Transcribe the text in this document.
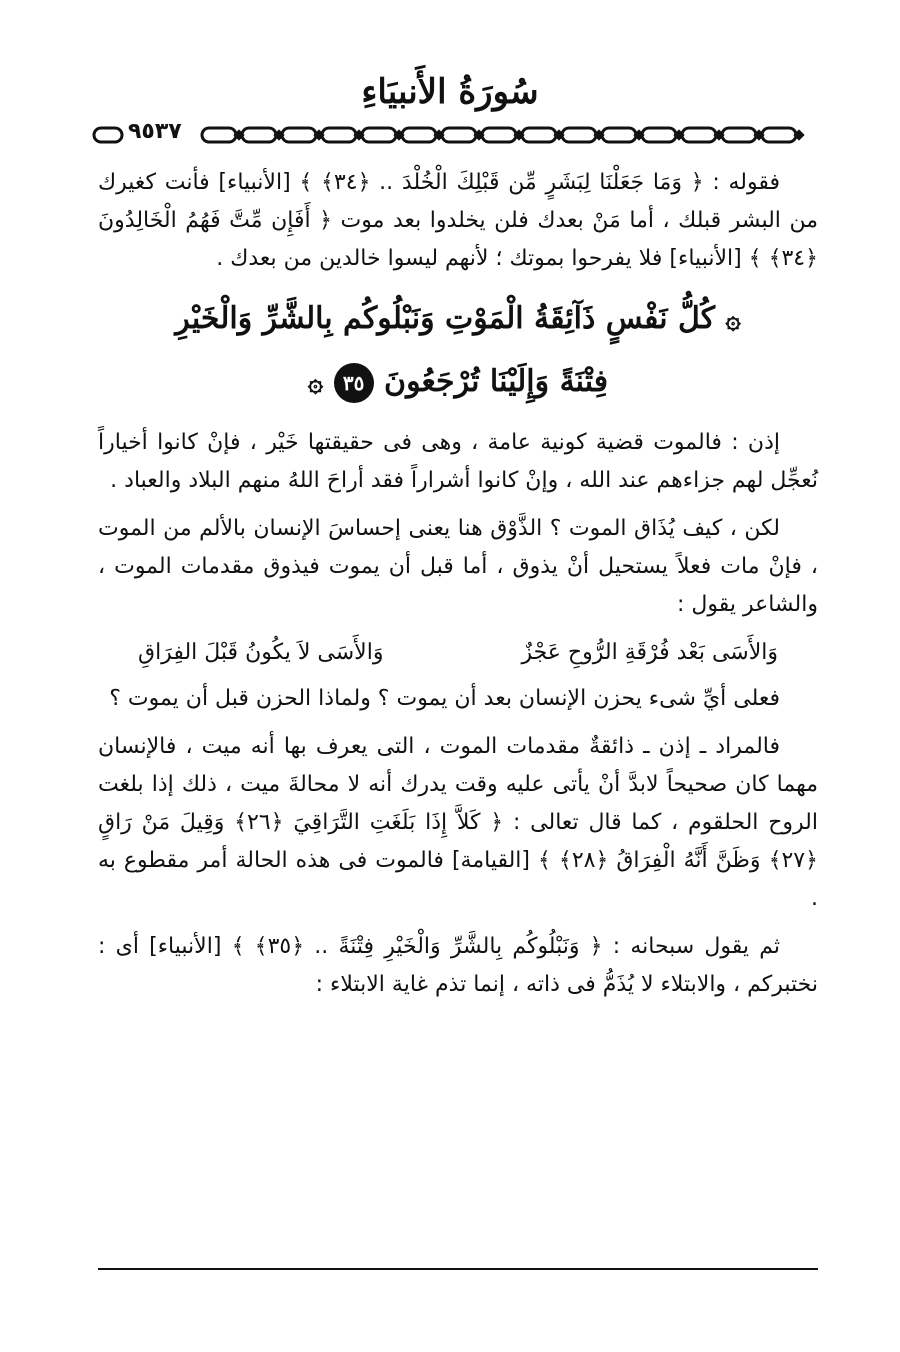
سُورَةُ الأَنبيَاءِ
٩٥٣٧

فقوله : ﴿ وَمَا جَعَلْنَا لِبَشَرٍ مِّن قَبْلِكَ الْخُلْدَ .. ﴿٣٤﴾ ﴾ [الأنبياء] فأنت كغيرك من البشر قبلك ، أما مَنْ بعدك فلن يخلدوا بعد موت ﴿ أَفَإِن مِّتَّ فَهُمُ الْخَالِدُونَ ﴿٣٤﴾ ﴾ [الأنبياء] فلا يفرحوا بموتك ؛ لأنهم ليسوا خالدين من بعدك .

۞ كُلُّ نَفْسٍ ذَآئِقَةُ الْمَوْتِ وَنَبْلُوكُم بِالشَّرِّ وَالْخَيْرِ
فِتْنَةً وَإِلَيْنَا تُرْجَعُونَ ٣٥ ۞

إذن : فالموت قضية كونية عامة ، وهى فى حقيقتها خَيْر ، فإنْ كانوا أخياراً نُعجِّل لهم جزاءهم عند الله ، وإنْ كانوا أشراراً فقد أراحَ اللهُ منهم البلاد والعباد .

لكن ، كيف يُذَاق الموت ؟ الذَّوْق هنا يعنى إحساسَ الإنسان بالألم من الموت ، فإنْ مات فعلاً يستحيل أنْ يذوق ، أما قبل أن يموت فيذوق مقدمات الموت ، والشاعر يقول :

وَالأَسَى بَعْد فُرْقَةِ الرُّوحِ عَجْزٌ
وَالأَسَى لاَ يكُونُ قَبْلَ الفِرَاقِ

فعلى أيِّ شىء يحزن الإنسان بعد أن يموت ؟ ولماذا الحزن قبل أن يموت ؟

فالمراد ـ إذن ـ ذائقةٌ مقدمات الموت ، التى يعرف بها أنه ميت ، فالإنسان مهما كان صحيحاً لابدَّ أنْ يأتى عليه وقت يدرك أنه لا محالةَ ميت ، ذلك إذا بلغت الروح الحلقوم ، كما قال تعالى : ﴿ كَلاَّ إِذَا بَلَغَتِ التَّرَاقِيَ ﴿٢٦﴾ وَقِيلَ مَنْ رَاقٍ ﴿٢٧﴾ وَظَنَّ أَنَّهُ الْفِرَاقُ ﴿٢٨﴾ ﴾ [القيامة] فالموت فى هذه الحالة أمر مقطوع به .

ثم يقول سبحانه : ﴿ وَنَبْلُوكُم بِالشَّرِّ وَالْخَيْرِ فِتْنَةً .. ﴿٣٥﴾ ﴾ [الأنبياء] أى : نختبركم ، والابتلاء لا يُذَمُّ فى ذاته ، إنما تذم غاية الابتلاء :
